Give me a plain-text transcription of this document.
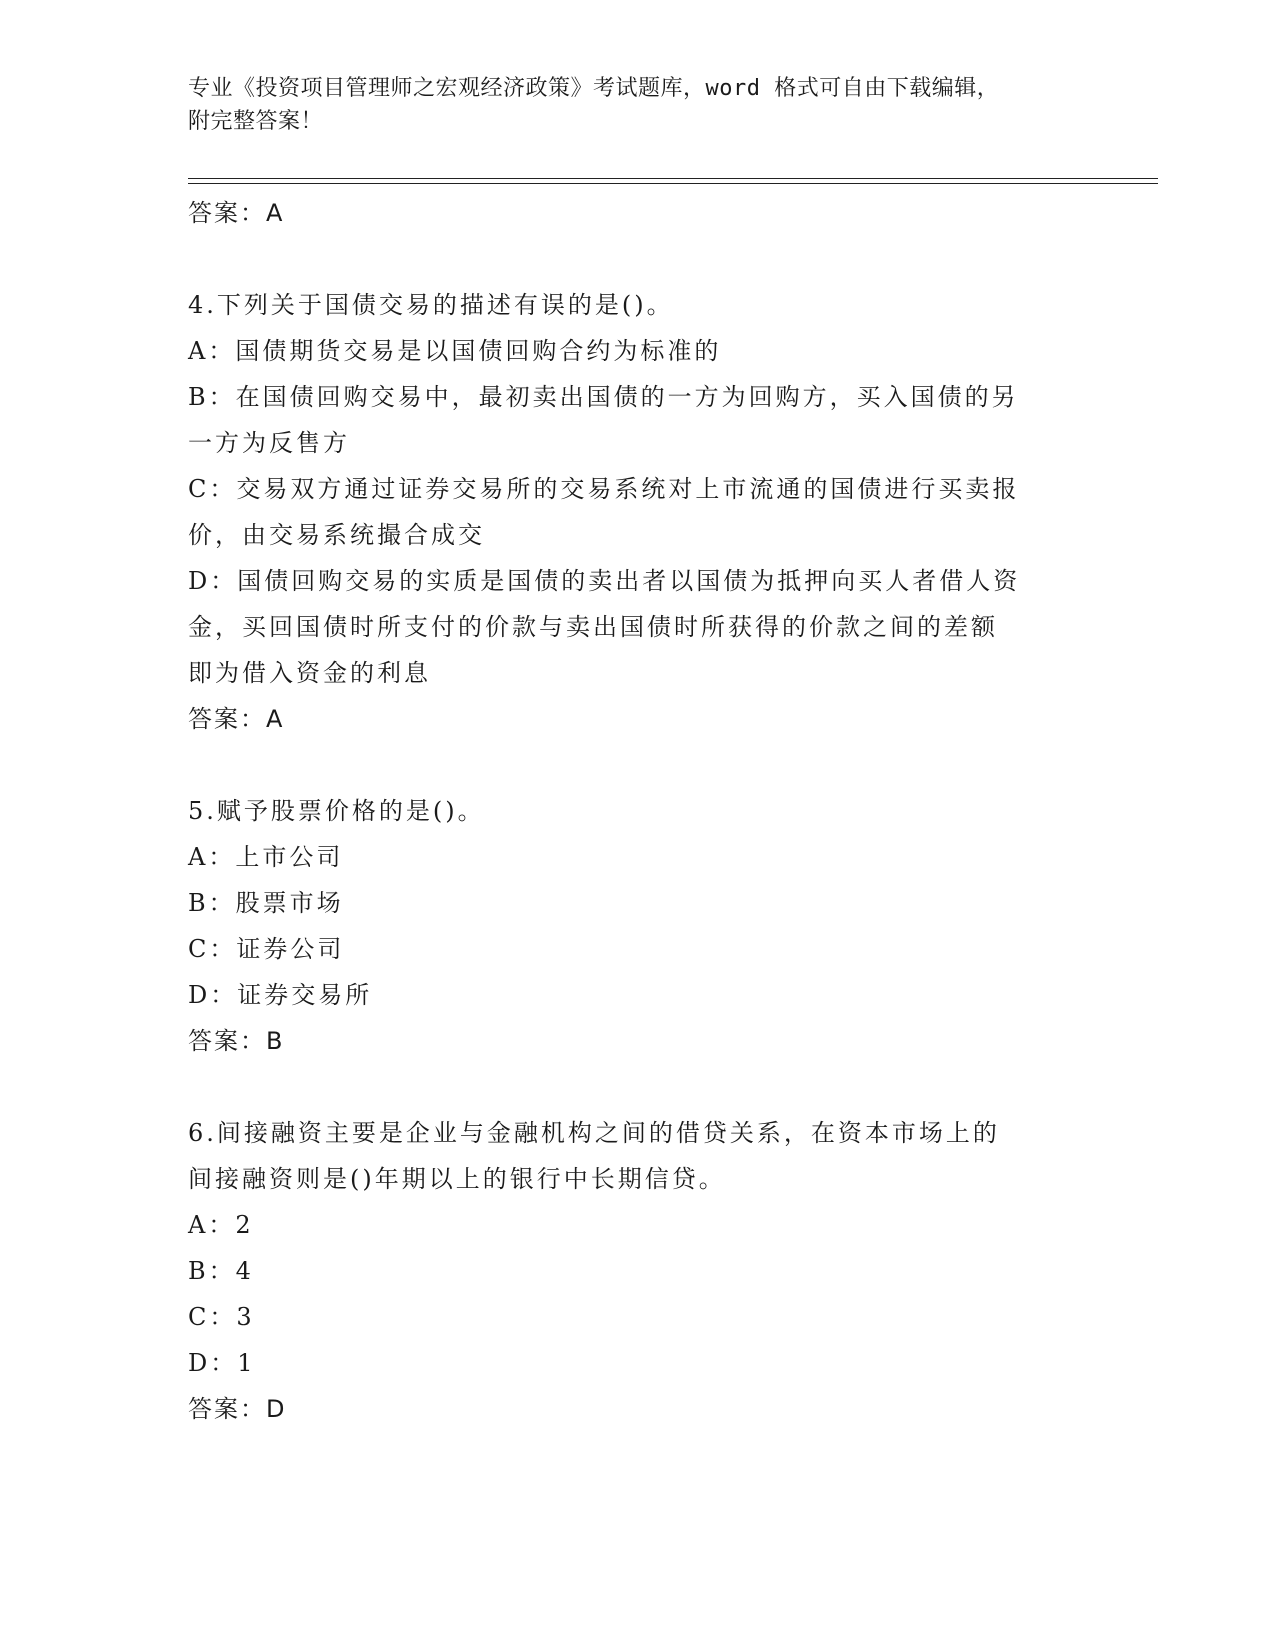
专业《投资项目管理师之宏观经济政策》考试题库，word 格式可自由下载编辑，
附完整答案！
答案：A
4.下列关于国债交易的描述有误的是()。
A：国债期货交易是以国债回购合约为标准的
B：在国债回购交易中，最初卖出国债的一方为回购方，买入国债的另
一方为反售方
C：交易双方通过证券交易所的交易系统对上市流通的国债进行买卖报
价，由交易系统撮合成交
D：国债回购交易的实质是国债的卖出者以国债为抵押向买人者借人资
金，买回国债时所支付的价款与卖出国债时所获得的价款之间的差额
即为借入资金的利息
答案：A
5.赋予股票价格的是()。
A：上市公司
B：股票市场
C：证券公司
D：证券交易所
答案：B
6.间接融资主要是企业与金融机构之间的借贷关系，在资本市场上的
间接融资则是()年期以上的银行中长期信贷。
A：2
B：4
C：3
D：1
答案：D
